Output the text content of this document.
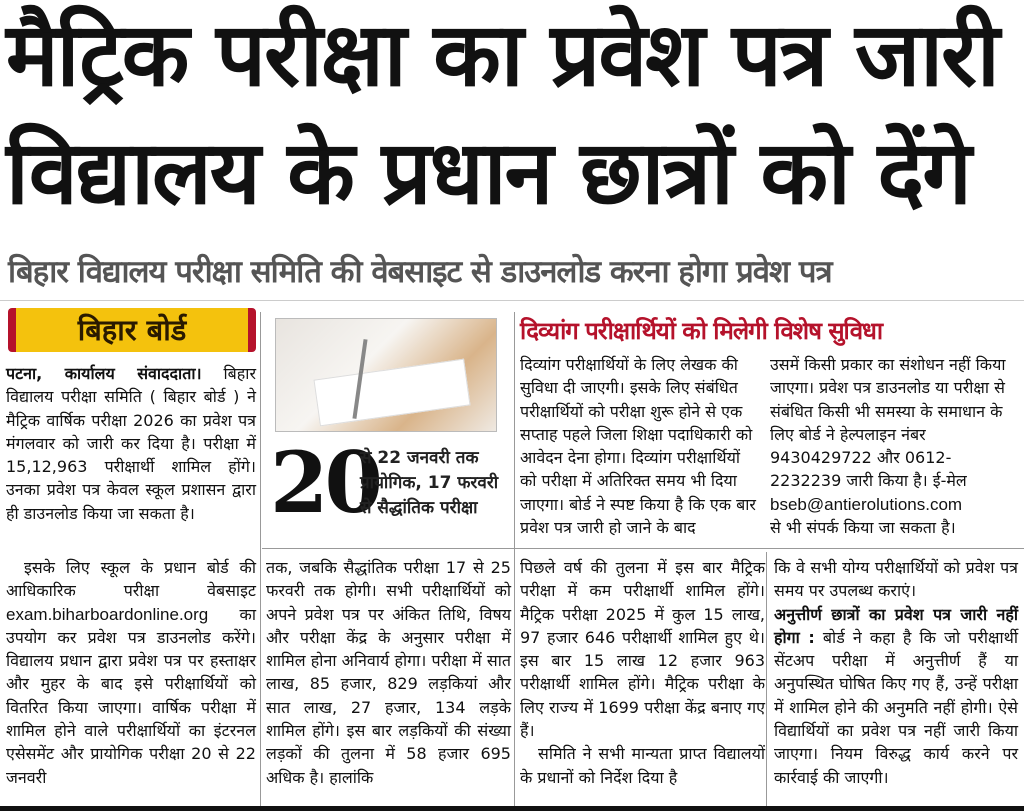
मैट्रिक परीक्षा का प्रवेश पत्र जारी
विद्यालय के प्रधान छात्रों को देंगे
बिहार विद्यालय परीक्षा समिति की वेबसाइट से डाउनलोड करना होगा प्रवेश पत्र
बिहार बोर्ड

पटना, कार्यालय संवाददाता। बिहार विद्यालय परीक्षा समिति ( बिहार बोर्ड ) ने मैट्रिक वार्षिक परीक्षा 2026 का प्रवेश पत्र मंगलवार को जारी कर दिया है। परीक्षा में 15,12,963 परीक्षार्थी शामिल होंगे। उनका प्रवेश पत्र केवल स्कूल प्रशासन द्वारा ही डाउनलोड किया जा सकता है।

इसके लिए स्कूल के प्रधान बोर्ड की आधिकारिक परीक्षा वेबसाइट exam.biharboardonline.org का उपयोग कर प्रवेश पत्र डाउनलोड करेंगे। विद्यालय प्रधान द्वारा प्रवेश पत्र पर हस्ताक्षर और मुहर के बाद इसे परीक्षार्थियों को वितरित किया जाएगा। वार्षिक परीक्षा में शामिल होने वाले परीक्षार्थियों का इंटरनल एसेसमेंट और प्रायोगिक परीक्षा 20 से 22 जनवरी

20
से 22 जनवरी तक प्रायोगिक, 17 फरवरी से सैद्धांतिक परीक्षा
दिव्यांग परीक्षार्थियों को मिलेगी विशेष सुविधा
दिव्यांग परीक्षार्थियों के लिए लेखक की सुविधा दी जाएगी। इसके लिए संबंधित परीक्षार्थियों को परीक्षा शुरू होने से एक सप्ताह पहले जिला शिक्षा पदाधिकारी को आवेदन देना होगा। दिव्यांग परीक्षार्थियों को परीक्षा में अतिरिक्त समय भी दिया जाएगा। बोर्ड ने स्पष्ट किया है कि एक बार प्रवेश पत्र जारी हो जाने के बाद
उसमें किसी प्रकार का संशोधन नहीं किया जाएगा। प्रवेश पत्र डाउनलोड या परीक्षा से संबंधित किसी भी समस्या के समाधान के लिए बोर्ड ने हेल्पलाइन नंबर 9430429722 और 0612-2232239 जारी किया है। ई-मेल
bseb@antierolutions.com
से भी संपर्क किया जा सकता है।
तक, जबकि सैद्धांतिक परीक्षा 17 से 25 फरवरी तक होगी। सभी परीक्षार्थियों को अपने प्रवेश पत्र पर अंकित तिथि, विषय और परीक्षा केंद्र के अनुसार परीक्षा में शामिल होना अनिवार्य होगा। परीक्षा में सात लाख, 85 हजार, 829 लड़कियां और सात लाख, 27 हजार, 134 लड़के शामिल होंगे। इस बार लड़कियों की संख्या लड़कों की तुलना में 58 हजार 695 अधिक है। हालांकि

पिछले वर्ष की तुलना में इस बार मैट्रिक परीक्षा में कम परीक्षार्थी शामिल होंगे। मैट्रिक परीक्षा 2025 में कुल 15 लाख, 97 हजार 646 परीक्षार्थी शामिल हुए थे। इस बार 15 लाख 12 हजार 963 परीक्षार्थी शामिल होंगे। मैट्रिक परीक्षा के लिए राज्य में 1699 परीक्षा केंद्र बनाए गए हैं।

समिति ने सभी मान्यता प्राप्त विद्यालयों के प्रधानों को निर्देश दिया है

कि वे सभी योग्य परीक्षार्थियों को प्रवेश पत्र समय पर उपलब्ध कराएं।

अनुत्तीर्ण छात्रों का प्रवेश पत्र जारी नहीं होगा : बोर्ड ने कहा है कि जो परीक्षार्थी सेंटअप परीक्षा में अनुत्तीर्ण हैं या अनुपस्थित घोषित किए गए हैं, उन्हें परीक्षा में शामिल होने की अनुमति नहीं होगी। ऐसे विद्यार्थियों का प्रवेश पत्र नहीं जारी किया जाएगा। नियम विरुद्ध कार्य करने पर कार्रवाई की जाएगी।
